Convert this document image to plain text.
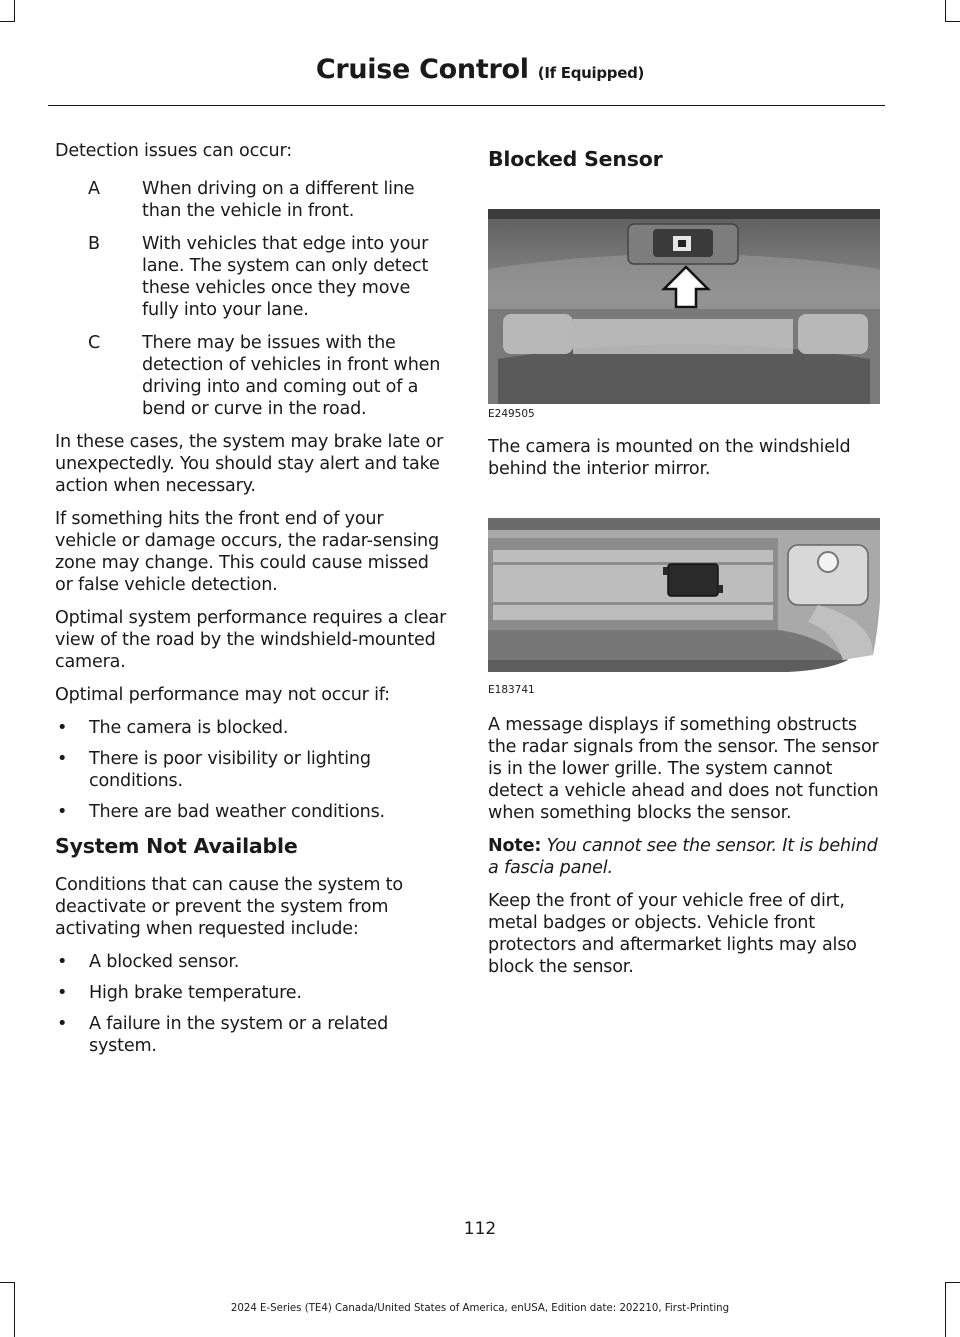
Cruise Control (If Equipped)

Detection issues can occur:

A	When driving on a different line than the vehicle in front.
B	With vehicles that edge into your lane. The system can only detect these vehicles once they move fully into your lane.
C	There may be issues with the detection of vehicles in front when driving into and coming out of a bend or curve in the road.

In these cases, the system may brake late or unexpectedly. You should stay alert and take action when necessary.

If something hits the front end of your vehicle or damage occurs, the radar-sensing zone may change. This could cause missed or false vehicle detection.

Optimal system performance requires a clear view of the road by the windshield-mounted camera.

Optimal performance may not occur if:

•	The camera is blocked.
•	There is poor visibility or lighting conditions.
•	There are bad weather conditions.
System Not Available

Conditions that can cause the system to deactivate or prevent the system from activating when requested include:

•	A blocked sensor.
•	High brake temperature.
•	A failure in the system or a related system.
Blocked Sensor
E249505

The camera is mounted on the windshield behind the interior mirror.

E183741

A message displays if something obstructs the radar signals from the sensor. The sensor is in the lower grille. The system cannot detect a vehicle ahead and does not function when something blocks the sensor.

Note: You cannot see the sensor. It is behind a fascia panel.

Keep the front of your vehicle free of dirt, metal badges or objects. Vehicle front protectors and aftermarket lights may also block the sensor.

112
2024 E-Series (TE4) Canada/United States of America, enUSA, Edition date: 202210, First-Printing
